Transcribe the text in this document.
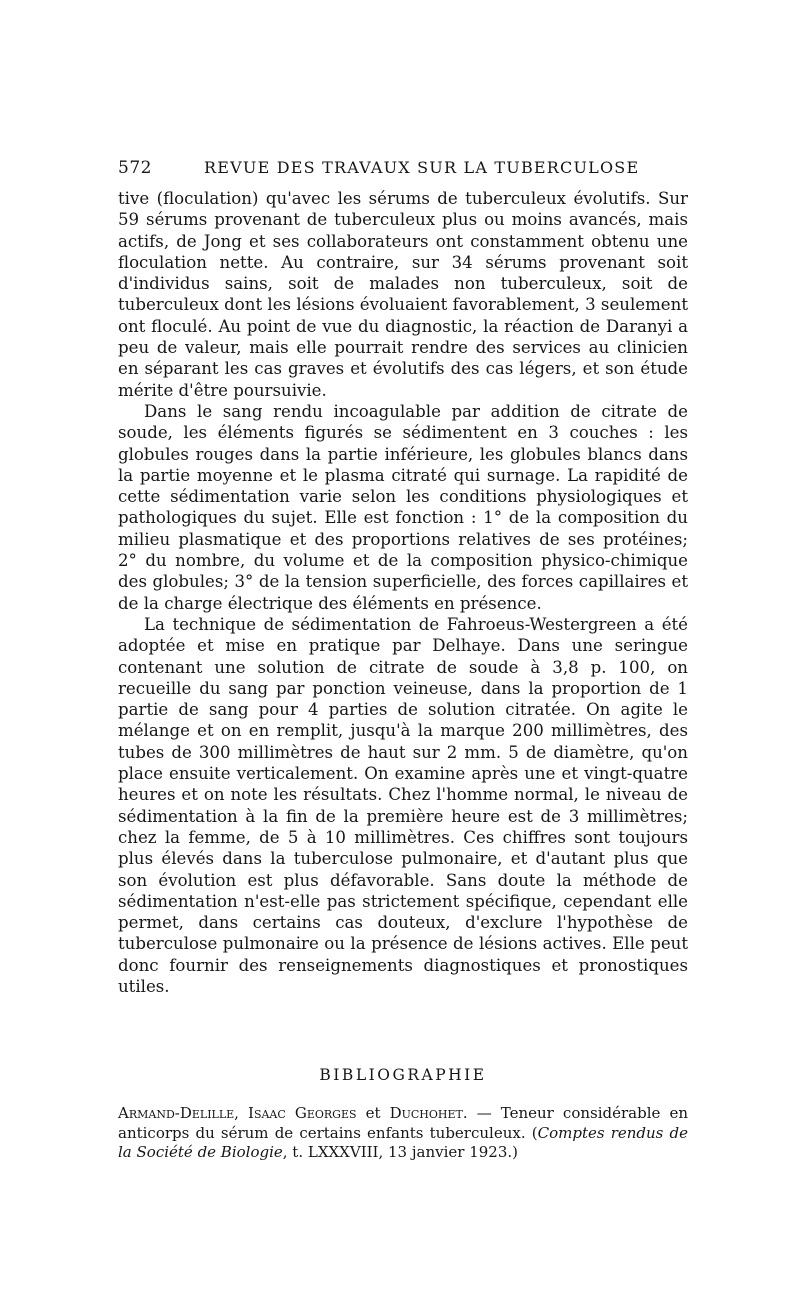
572	REVUE DES TRAVAUX SUR LA TUBERCULOSE

tive (floculation) qu'avec les sérums de tuberculeux évolutifs. Sur 59 sérums provenant de tuberculeux plus ou moins avancés, mais actifs, de Jong et ses collaborateurs ont constamment obtenu une floculation nette. Au contraire, sur 34 sérums provenant soit d'individus sains, soit de malades non tuberculeux, soit de tuberculeux dont les lésions évoluaient favorablement, 3 seulement ont floculé. Au point de vue du diagnostic, la réaction de Daranyi a peu de valeur, mais elle pourrait rendre des services au clinicien en séparant les cas graves et évolutifs des cas légers, et son étude mérite d'être poursuivie.

Dans le sang rendu incoagulable par addition de citrate de soude, les éléments figurés se sédimentent en 3 couches : les globules rouges dans la partie inférieure, les globules blancs dans la partie moyenne et le plasma citraté qui surnage. La rapidité de cette sédimentation varie selon les conditions physiologiques et pathologiques du sujet. Elle est fonction : 1° de la composition du milieu plasmatique et des proportions relatives de ses protéines; 2° du nombre, du volume et de la composition physico-chimique des globules; 3° de la tension superficielle, des forces capillaires et de la charge électrique des éléments en présence.

La technique de sédimentation de Fahroeus-Westergreen a été adoptée et mise en pratique par Delhaye. Dans une seringue contenant une solution de citrate de soude à 3,8 p. 100, on recueille du sang par ponction veineuse, dans la proportion de 1 partie de sang pour 4 parties de solution citratée. On agite le mélange et on en remplit, jusqu'à la marque 200 millimètres, des tubes de 300 millimètres de haut sur 2 mm. 5 de diamètre, qu'on place ensuite verticalement. On examine après une et vingt-quatre heures et on note les résultats. Chez l'homme normal, le niveau de sédimentation à la fin de la première heure est de 3 millimètres; chez la femme, de 5 à 10 millimètres. Ces chiffres sont toujours plus élevés dans la tuberculose pulmonaire, et d'autant plus que son évolution est plus défavorable. Sans doute la méthode de sédimentation n'est-elle pas strictement spécifique, cependant elle permet, dans certains cas douteux, d'exclure l'hypothèse de tuberculose pulmonaire ou la présence de lésions actives. Elle peut donc fournir des renseignements diagnostiques et pronostiques utiles.

BIBLIOGRAPHIE

Armand-Delille, Isaac Georges et Duchohet. — Teneur considérable en anticorps du sérum de certains enfants tuberculeux. (Comptes rendus de la Société de Biologie, t. LXXXVIII, 13 janvier 1923.)
